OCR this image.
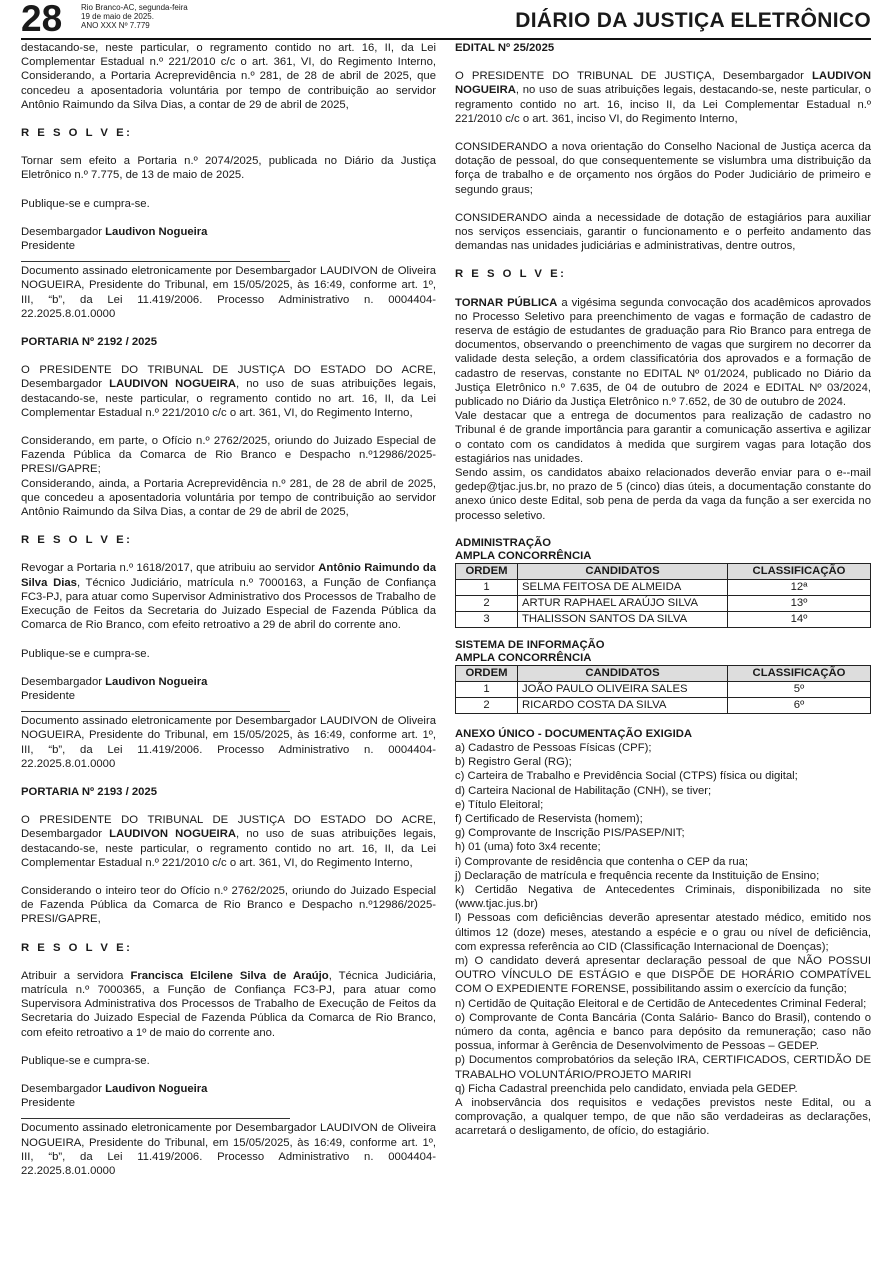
28 Rio Branco-AC, segunda-feira
19 de maio de 2025.
ANO XXX Nº 7.779	DIÁRIO DA JUSTIÇA ELETRÔNICO

destacando-se, neste particular, o regramento contido no art. 16, II, da Lei Complementar Estadual n.º 221/2010 c/c o art. 361, VI, do Regimento Interno, Considerando, a Portaria Acreprevidência n.º 281, de 28 de abril de 2025, que concedeu a aposentadoria voluntária por tempo de contribuição ao servidor Antônio Raimundo da Silva Dias, a contar de 29 de abril de 2025,

R E S O L V E:

Tornar sem efeito a Portaria n.º 2074/2025, publicada no Diário da Justiça Eletrônico n.º 7.775, de 13 de maio de 2025.

Publique-se e cumpra-se.

Desembargador Laudivon Nogueira
Presidente

Documento assinado eletronicamente por Desembargador LAUDIVON de Oliveira NOGUEIRA, Presidente do Tribunal, em 15/05/2025, às 16:49, conforme art. 1º, III, “b”, da Lei 11.419/2006. Processo Administrativo n. 0004404-22.2025.8.01.0000

PORTARIA Nº 2192 / 2025

O PRESIDENTE DO TRIBUNAL DE JUSTIÇA DO ESTADO DO ACRE, Desembargador LAUDIVON NOGUEIRA, no uso de suas atribuições legais, destacando-se, neste particular, o regramento contido no art. 16, II, da Lei Complementar Estadual n.º 221/2010 c/c o art. 361, VI, do Regimento Interno,

Considerando, em parte, o Ofício n.º 2762/2025, oriundo do Juizado Especial de Fazenda Pública da Comarca de Rio Branco e Despacho n.º12986/2025-PRESI/GAPRE;

Considerando, ainda, a Portaria Acreprevidência n.º 281, de 28 de abril de 2025, que concedeu a aposentadoria voluntária por tempo de contribuição ao servidor Antônio Raimundo da Silva Dias, a contar de 29 de abril de 2025,

R E S O L V E:

Revogar a Portaria n.º 1618/2017, que atribuiu ao servidor Antônio Raimundo da Silva Dias, Técnico Judiciário, matrícula n.º 7000163, a Função de Confiança FC3-PJ, para atuar como Supervisor Administrativo dos Processos de Trabalho de Execução de Feitos da Secretaria do Juizado Especial de Fazenda Pública da Comarca de Rio Branco, com efeito retroativo a 29 de abril do corrente ano.

Publique-se e cumpra-se.

Desembargador Laudivon Nogueira
Presidente

Documento assinado eletronicamente por Desembargador LAUDIVON de Oliveira NOGUEIRA, Presidente do Tribunal, em 15/05/2025, às 16:49, conforme art. 1º, III, “b”, da Lei 11.419/2006. Processo Administrativo n. 0004404-22.2025.8.01.0000

PORTARIA Nº 2193 / 2025

O PRESIDENTE DO TRIBUNAL DE JUSTIÇA DO ESTADO DO ACRE, Desembargador LAUDIVON NOGUEIRA, no uso de suas atribuições legais, destacando-se, neste particular, o regramento contido no art. 16, II, da Lei Complementar Estadual n.º 221/2010 c/c o art. 361, VI, do Regimento Interno,

Considerando o inteiro teor do Ofício n.º 2762/2025, oriundo do Juizado Especial de Fazenda Pública da Comarca de Rio Branco e Despacho n.º12986/2025- PRESI/GAPRE,

R E S O L V E:

Atribuir a servidora Francisca Elcilene Silva de Araújo, Técnica Judiciária, matrícula n.º 7000365, a Função de Confiança FC3-PJ, para atuar como Supervisora Administrativa dos Processos de Trabalho de Execução de Feitos da Secretaria do Juizado Especial de Fazenda Pública da Comarca de Rio Branco, com efeito retroativo a 1º de maio do corrente ano.

Publique-se e cumpra-se.

Desembargador Laudivon Nogueira
Presidente

Documento assinado eletronicamente por Desembargador LAUDIVON de Oliveira NOGUEIRA, Presidente do Tribunal, em 15/05/2025, às 16:49, conforme art. 1º, III, “b”, da Lei 11.419/2006. Processo Administrativo n. 0004404-22.2025.8.01.0000

EDITAL Nº 25/2025

O PRESIDENTE DO TRIBUNAL DE JUSTIÇA, Desembargador LAUDIVON NOGUEIRA, no uso de suas atribuições legais, destacando-se, neste particular, o regramento contido no art. 16, inciso II, da Lei Complementar Estadual n.º 221/2010 c/c o art. 361, inciso VI, do Regimento Interno,

CONSIDERANDO a nova orientação do Conselho Nacional de Justiça acerca da dotação de pessoal, do que consequentemente se vislumbra uma distribuição da força de trabalho e de orçamento nos órgãos do Poder Judiciário de primeiro e segundo graus;

CONSIDERANDO ainda a necessidade de dotação de estagiários para auxiliar nos serviços essenciais, garantir o funcionamento e o perfeito andamento das demandas nas unidades judiciárias e administrativas, dentre outros,

R E S O L V E:

TORNAR PÚBLICA a vigésima segunda convocação dos acadêmicos aprovados no Processo Seletivo para preenchimento de vagas e formação de cadastro de reserva de estágio de estudantes de graduação para Rio Branco para entrega de documentos, observando o preenchimento de vagas que surgirem no decorrer da validade desta seleção, a ordem classificatória dos aprovados e a formação de cadastro de reservas, constante no EDITAL Nº 01/2024, publicado no Diário da Justiça Eletrônico n.º 7.635, de 04 de outubro de 2024 e EDITAL Nº 03/2024, publicado no Diário da Justiça Eletrônico n.º 7.652, de 30 de outubro de 2024.

Vale destacar que a entrega de documentos para realização de cadastro no Tribunal é de grande importância para garantir a comunicação assertiva e agilizar o contato com os candidatos à medida que surgirem vagas para lotação dos estagiários nas unidades.

Sendo assim, os candidatos abaixo relacionados deverão enviar para o e--mail gedep@tjac.jus.br, no prazo de 5 (cinco) dias úteis, a documentação constante do anexo único deste Edital, sob pena de perda da vaga da função a ser exercida no processo seletivo.

ADMINISTRAÇÃO
AMPLA CONCORRÊNCIA
ORDEM	CANDIDATOS	CLASSIFICAÇÃO
1	SELMA FEITOSA DE ALMEIDA	12ª
2	ARTUR RAPHAEL ARAÚJO SILVA	13º
3	THALISSON SANTOS DA SILVA	14º
SISTEMA DE INFORMAÇÃO
AMPLA CONCORRÊNCIA
ORDEM	CANDIDATOS	CLASSIFICAÇÃO
1	JOÃO PAULO OLIVEIRA SALES	5º
2	RICARDO COSTA DA SILVA	6º
ANEXO ÚNICO - DOCUMENTAÇÃO EXIGIDA
a) Cadastro de Pessoas Físicas (CPF);
b) Registro Geral (RG);
c) Carteira de Trabalho e Previdência Social (CTPS) física ou digital;
d) Carteira Nacional de Habilitação (CNH), se tiver;
e) Título Eleitoral;
f) Certificado de Reservista (homem);
g) Comprovante de Inscrição PIS/PASEP/NIT;
h) 01 (uma) foto 3x4 recente;
i) Comprovante de residência que contenha o CEP da rua;
j) Declaração de matrícula e frequência recente da Instituição de Ensino;
k) Certidão Negativa de Antecedentes Criminais, disponibilizada no site (www.tjac.jus.br)
l) Pessoas com deficiências deverão apresentar atestado médico, emitido nos últimos 12 (doze) meses, atestando a espécie e o grau ou nível de deficiência, com expressa referência ao CID (Classificação Internacional de Doenças);
m) O candidato deverá apresentar declaração pessoal de que NÃO POSSUI OUTRO VÍNCULO DE ESTÁGIO e que DISPÕE DE HORÁRIO COMPATÍVEL COM O EXPEDIENTE FORENSE, possibilitando assim o exercício da função;
n) Certidão de Quitação Eleitoral e de Certidão de Antecedentes Criminal Federal;
o) Comprovante de Conta Bancária (Conta Salário- Banco do Brasil), contendo o número da conta, agência e banco para depósito da remuneração; caso não possua, informar à Gerência de Desenvolvimento de Pessoas – GEDEP.
p) Documentos comprobatórios da seleção IRA, CERTIFICADOS, CERTIDÃO DE TRABALHO VOLUNTÁRIO/PROJETO MARIRI
q) Ficha Cadastral preenchida pelo candidato, enviada pela GEDEP.

A inobservância dos requisitos e vedações previstos neste Edital, ou a comprovação, a qualquer tempo, de que não são verdadeiras as declarações, acarretará o desligamento, de ofício, do estagiário.
